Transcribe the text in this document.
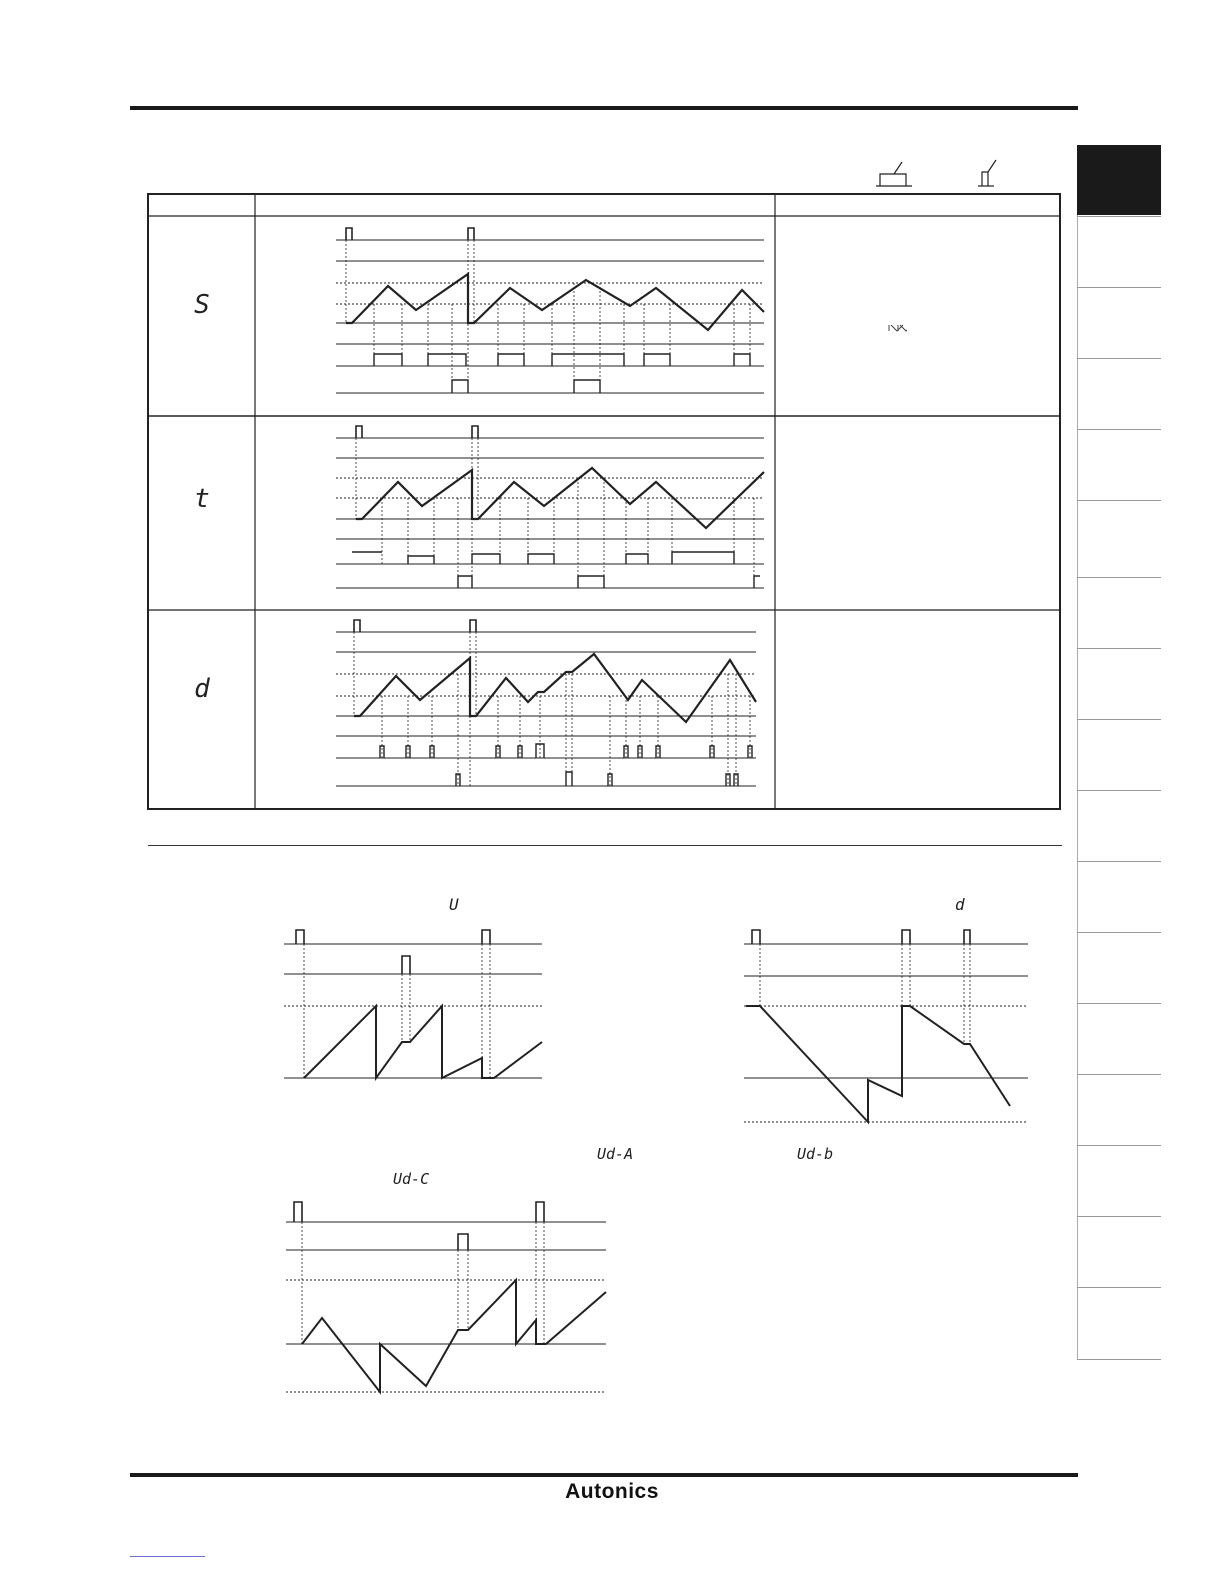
Autonics
S
t
d
U	d
Ud-A	Ud-b
Ud-C
